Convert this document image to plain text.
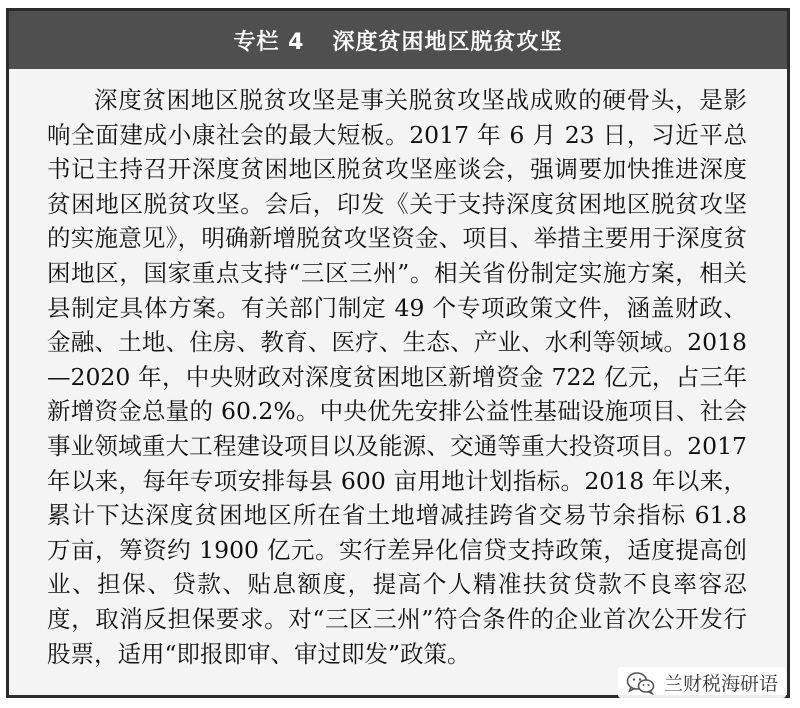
专栏 4 深度贫困地区脱贫攻坚
深度贫困地区脱贫攻坚是事关脱贫攻坚战成败的硬骨头，是影响全面建成小康社会的最大短板。2017 年 6 月 23 日，习近平总书记主持召开深度贫困地区脱贫攻坚座谈会，强调要加快推进深度贫困地区脱贫攻坚。会后，印发《关于支持深度贫困地区脱贫攻坚的实施意见》，明确新增脱贫攻坚资金、项目、举措主要用于深度贫困地区，国家重点支持“三区三州”。相关省份制定实施方案，相关县制定具体方案。有关部门制定 49 个专项政策文件，涵盖财政、金融、土地、住房、教育、医疗、生态、产业、水利等领域。2018—2020 年，中央财政对深度贫困地区新增资金 722 亿元，占三年新增资金总量的 60.2%。中央优先安排公益性基础设施项目、社会事业领域重大工程建设项目以及能源、交通等重大投资项目。2017 年以来，每年专项安排每县 600 亩用地计划指标。2018 年以来，累计下达深度贫困地区所在省土地增减挂跨省交易节余指标 61.8 万亩，筹资约 1900 亿元。实行差异化信贷支持政策，适度提高创业、担保、贷款、贴息额度，提高个人精准扶贫贷款不良率容忍度，取消反担保要求。对“三区三州”符合条件的企业首次公开发行股票，适用“即报即审、审过即发”政策。
兰财税海研语
